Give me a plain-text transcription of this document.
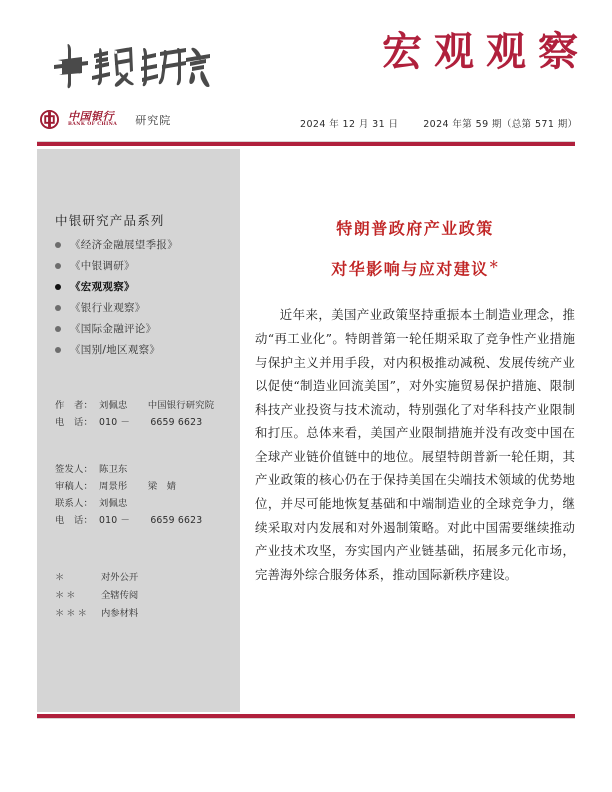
宏观观察
中国银行
BANK OF CHINA 研究院	2024 年 12 月 31 日	2024 年第 59 期（总第 571 期）
中银研究产品系列
《经济金融展望季报》
《中银调研》
《宏观观察》
《银行业观察》
《国际金融评论》
《国别/地区观察》
作　者： 刘佩忠 中国银行研究院
电　话： 010 － 6659 6623
签发人： 陈卫东
审稿人： 周景彤 梁　婧
联系人： 刘佩忠
电　话： 010 － 6659 6623
＊	对外公开
＊＊	全辖传阅
＊＊＊	内参材料
特朗普政府产业政策
对华影响与应对建议＊
近年来，美国产业政策坚持重振本土制造业理念，推动“再工业化”。特朗普第一轮任期采取了竞争性产业措施与保护主义并用手段，对内积极推动减税、发展传统产业以促使“制造业回流美国”，对外实施贸易保护措施、限制科技产业投资与技术流动，特别强化了对华科技产业限制和打压。总体来看，美国产业限制措施并没有改变中国在全球产业链价值链中的地位。展望特朗普新一轮任期，其产业政策的核心仍在于保持美国在尖端技术领域的优势地位，并尽可能地恢复基础和中端制造业的全球竞争力，继续采取对内发展和对外遏制策略。对此中国需要继续推动产业技术攻坚，夯实国内产业链基础，拓展多元化市场，完善海外综合服务体系，推动国际新秩序建设。
